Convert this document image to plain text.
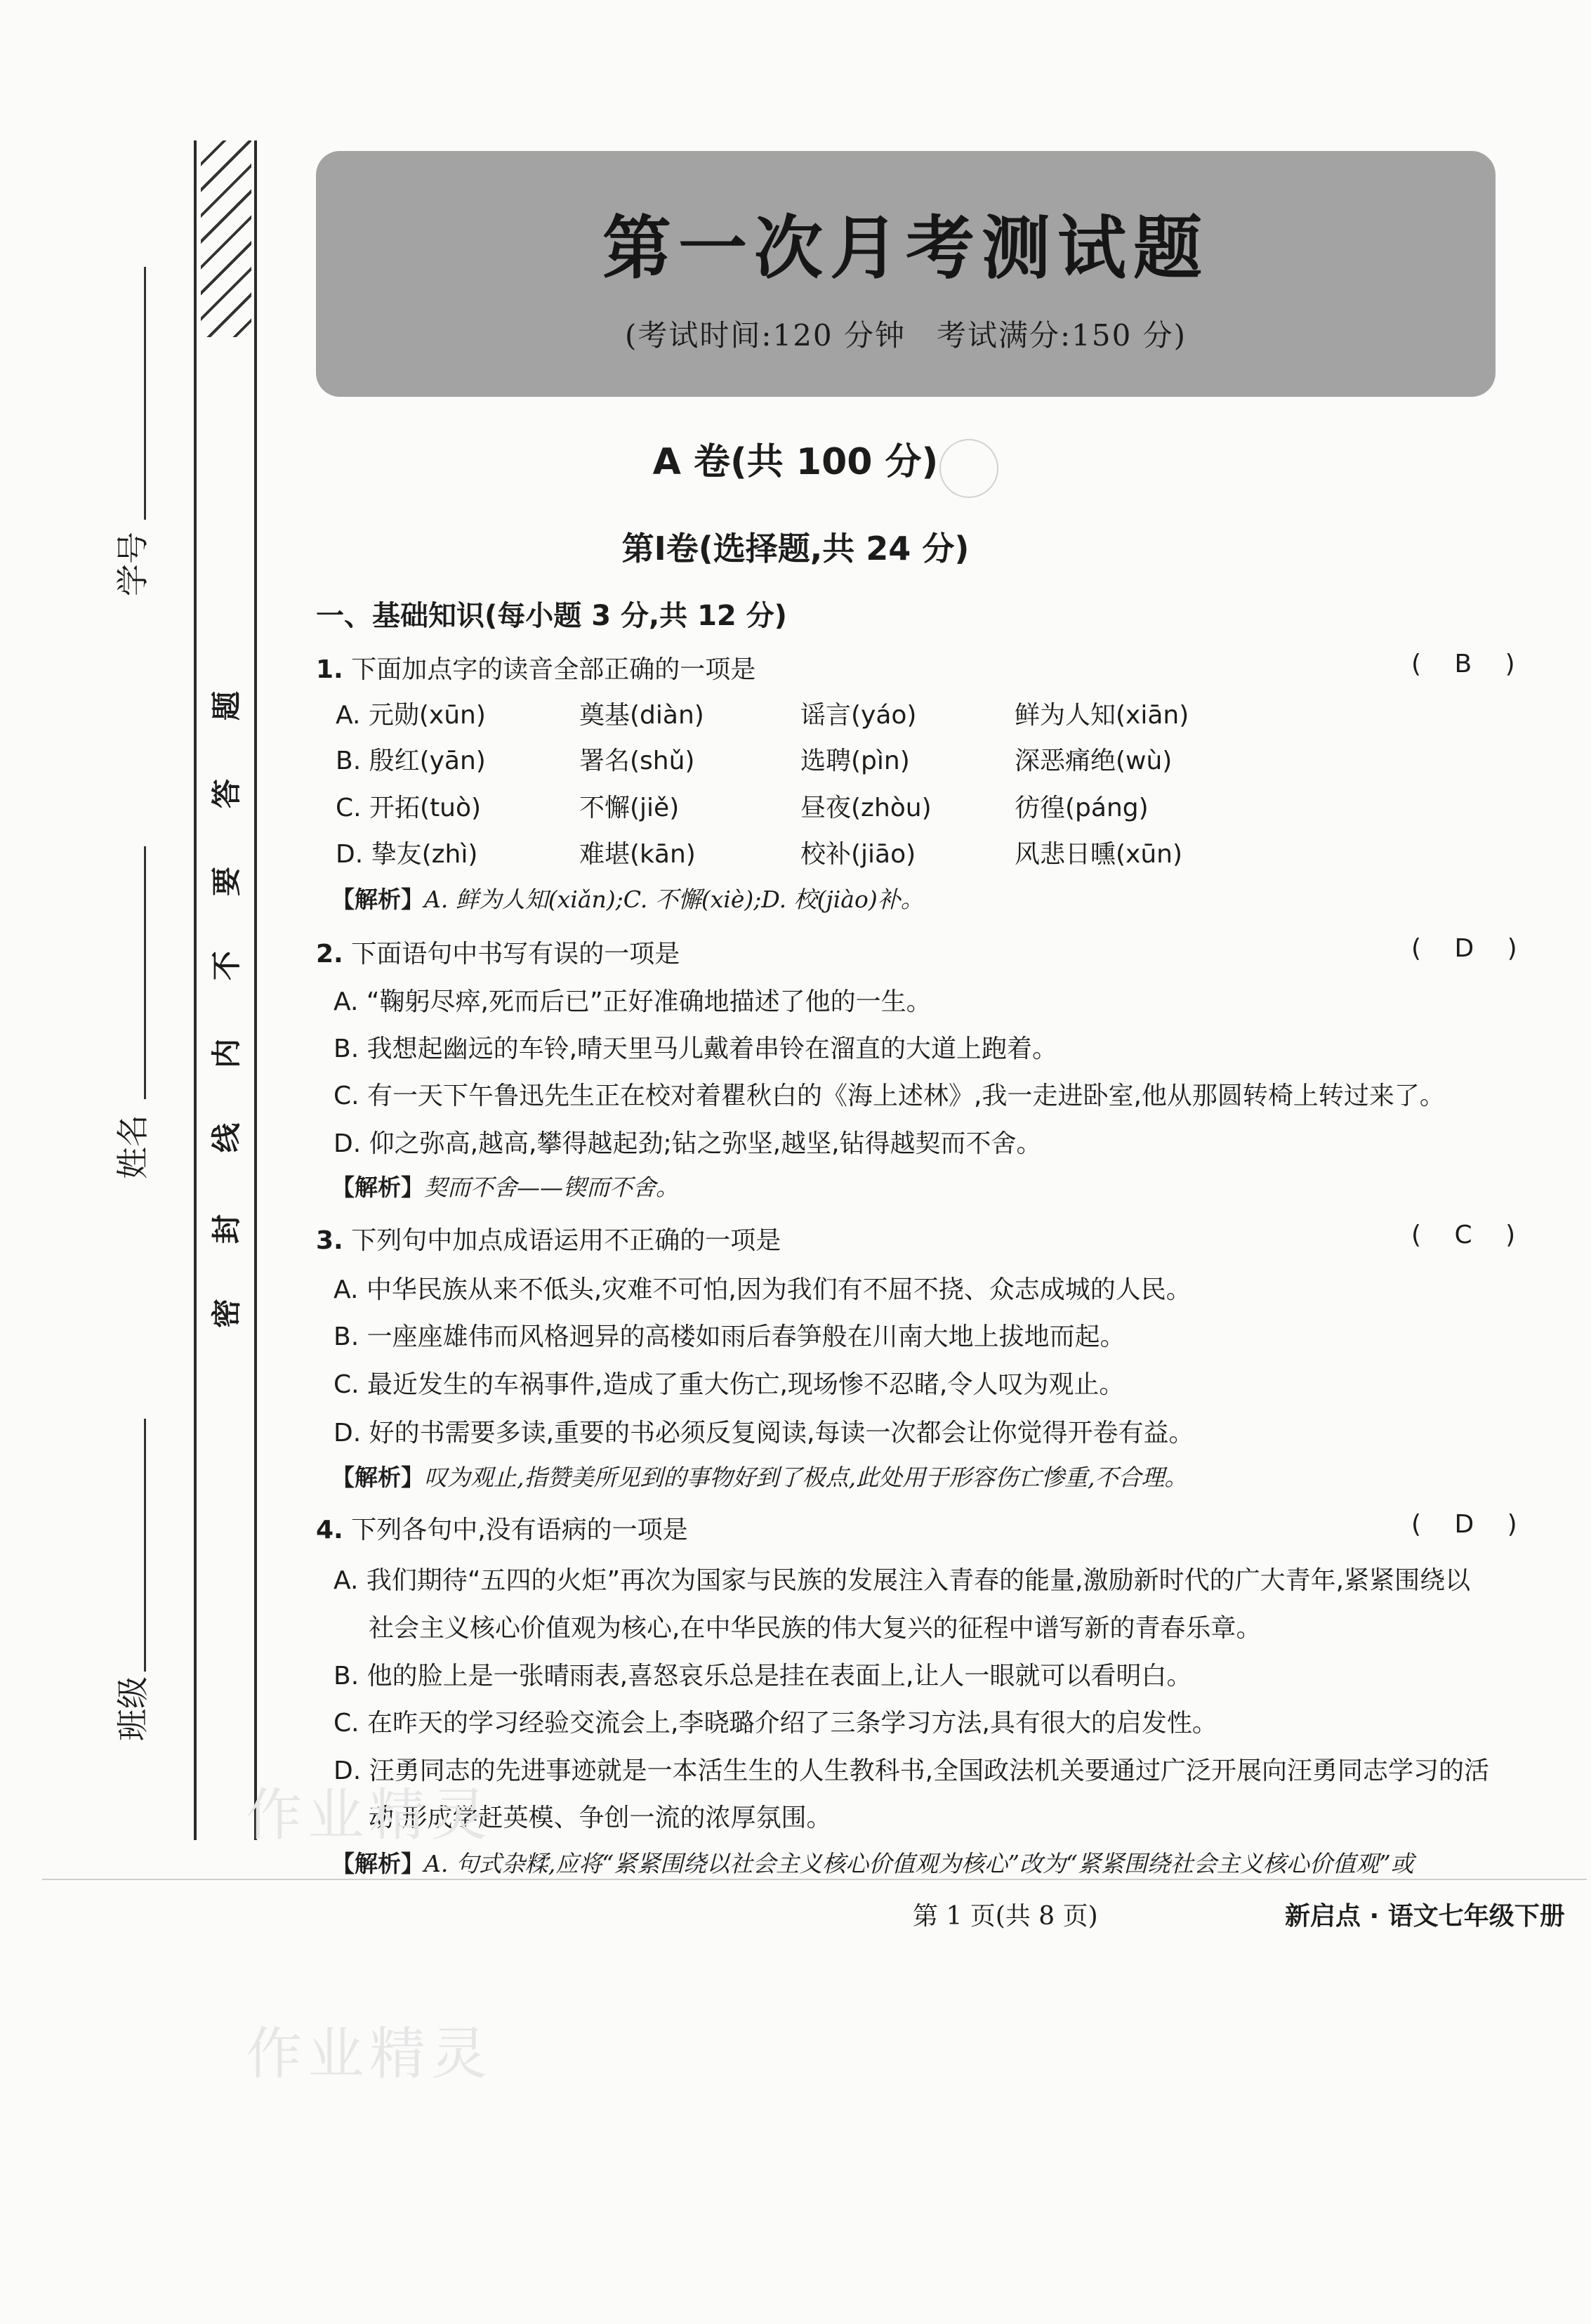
密
封
线
内
不
要
答
题
学号
姓名
班级
第一次月考测试题
(考试时间:120 分钟　考试满分:150 分)
A 卷(共 100 分)
第Ⅰ卷(选择题,共 24 分)
一、基础知识(每小题 3 分,共 12 分)
1. 下面加点字的读音全部正确的一项是	( B )
A. 元勋(xūn)	奠基(diàn)	谣言(yáo)	鲜为人知(xiān)
B. 殷红(yān)	署名(shǔ)	选聘(pìn)	深恶痛绝(wù)
C. 开拓(tuò)	不懈(jiě)	昼夜(zhòu)	彷徨(páng)
D. 挚友(zhì)	难堪(kān)	校补(jiāo)	风悲日曛(xūn)
【解析】A. 鲜为人知(xiǎn);C. 不懈(xiè);D. 校(jiào)补。
2. 下面语句中书写有误的一项是	( D )
A. “鞠躬尽瘁,死而后已”正好准确地描述了他的一生。
B. 我想起幽远的车铃,晴天里马儿戴着串铃在溜直的大道上跑着。
C. 有一天下午鲁迅先生正在校对着瞿秋白的《海上述林》,我一走进卧室,他从那圆转椅上转过来了。
D. 仰之弥高,越高,攀得越起劲;钻之弥坚,越坚,钻得越契而不舍。
【解析】契而不舍——锲而不舍。
3. 下列句中加点成语运用不正确的一项是	( C )
A. 中华民族从来不低头,灾难不可怕,因为我们有不屈不挠、众志成城的人民。
B. 一座座雄伟而风格迥异的高楼如雨后春笋般在川南大地上拔地而起。
C. 最近发生的车祸事件,造成了重大伤亡,现场惨不忍睹,令人叹为观止。
D. 好的书需要多读,重要的书必须反复阅读,每读一次都会让你觉得开卷有益。
【解析】叹为观止,指赞美所见到的事物好到了极点,此处用于形容伤亡惨重,不合理。
4. 下列各句中,没有语病的一项是	( D )
A. 我们期待“五四的火炬”再次为国家与民族的发展注入青春的能量,激励新时代的广大青年,紧紧围绕以
社会主义核心价值观为核心,在中华民族的伟大复兴的征程中谱写新的青春乐章。
B. 他的脸上是一张晴雨表,喜怒哀乐总是挂在表面上,让人一眼就可以看明白。
C. 在昨天的学习经验交流会上,李晓璐介绍了三条学习方法,具有很大的启发性。
D. 汪勇同志的先进事迹就是一本活生生的人生教科书,全国政法机关要通过广泛开展向汪勇同志学习的活
动,形成学赶英模、争创一流的浓厚氛围。
【解析】A. 句式杂糅,应将“紧紧围绕以社会主义核心价值观为核心”改为“紧紧围绕社会主义核心价值观”或
第 1 页(共 8 页)	新启点 · 语文七年级下册
作业精灵
作业精灵
